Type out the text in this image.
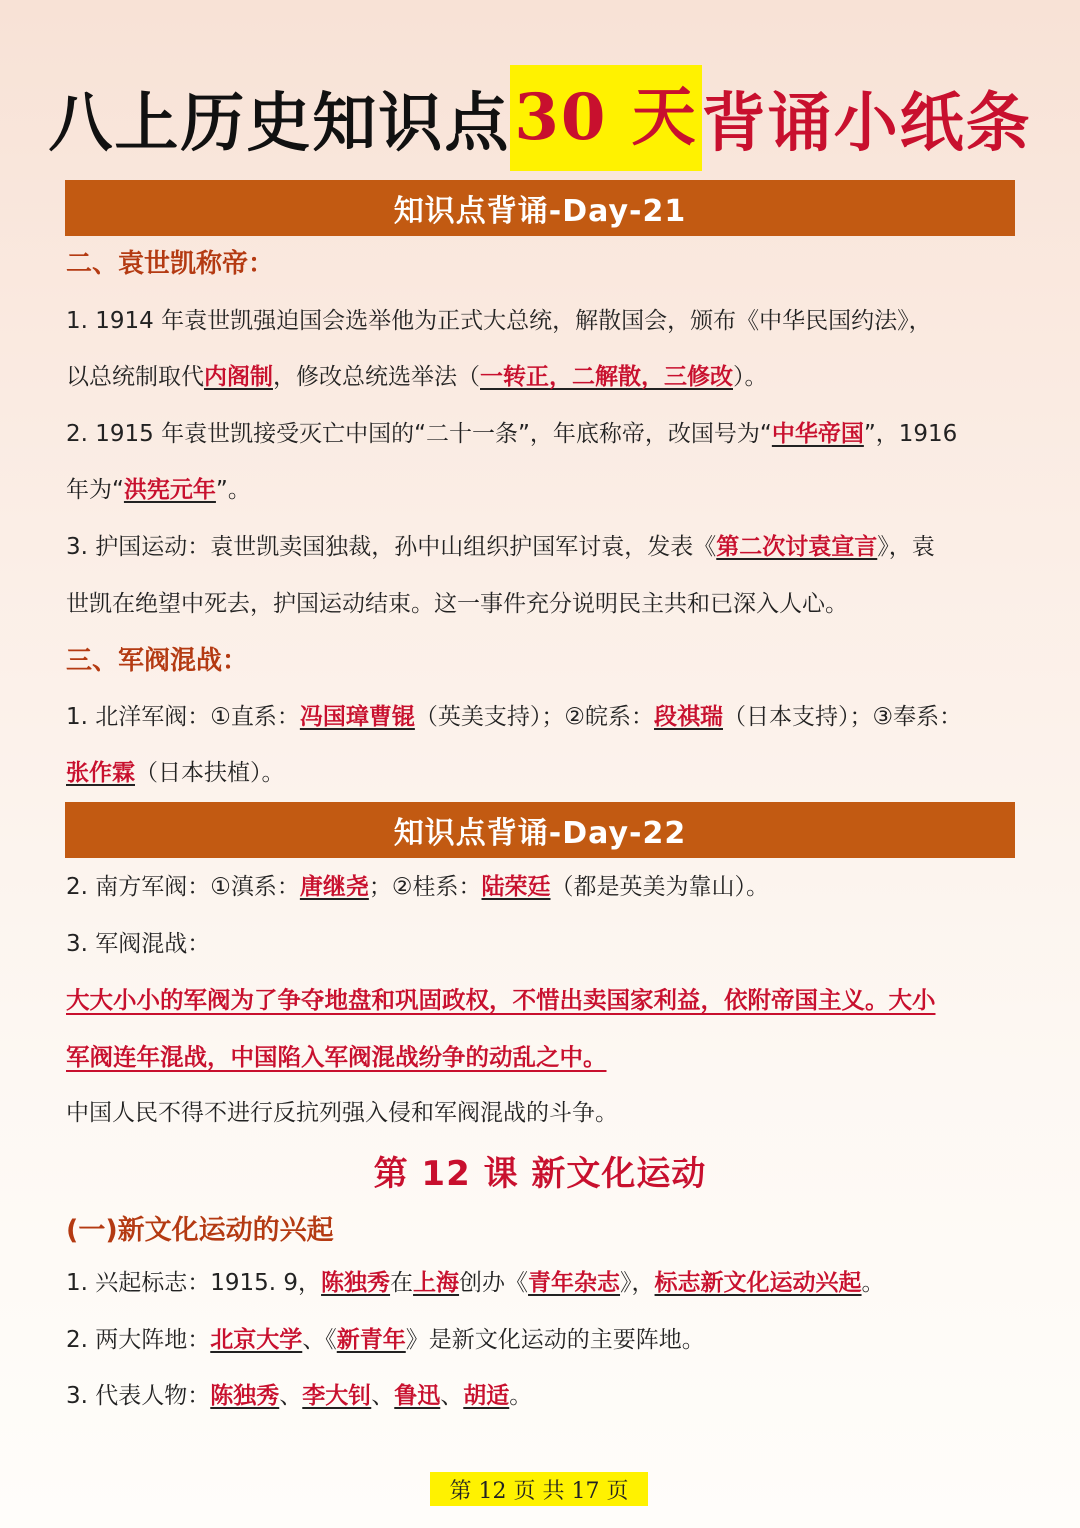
八上历史知识点 30 天 背诵小纸条
知识点背诵-Day-21
二、袁世凯称帝：
1. 1914 年袁世凯强迫国会选举他为正式大总统，解散国会，颁布《中华民国约法》，
以总统制取代内阁制，修改总统选举法（一转正，二解散，三修改）。
2. 1915 年袁世凯接受灭亡中国的“二十一条”，年底称帝，改国号为“中华帝国”，1916
年为“洪宪元年”。
3. 护国运动：袁世凯卖国独裁，孙中山组织护国军讨袁，发表《第二次讨袁宣言》，袁
世凯在绝望中死去，护国运动结束。这一事件充分说明民主共和已深入人心。
三、军阀混战：
1. 北洋军阀：①直系：冯国璋曹锟（英美支持）；②皖系：段祺瑞（日本支持）；③奉系：
张作霖（日本扶植）。
知识点背诵-Day-22
2. 南方军阀：①滇系：唐继尧；②桂系：陆荣廷（都是英美为靠山）。
3. 军阀混战：
大大小小的军阀为了争夺地盘和巩固政权，不惜出卖国家利益，依附帝国主义。大小
军阀连年混战，中国陷入军阀混战纷争的动乱之中。
中国人民不得不进行反抗列强入侵和军阀混战的斗争。
第 12 课 新文化运动
(一)新文化运动的兴起
1. 兴起标志：1915. 9，陈独秀在上海创办《青年杂志》，标志新文化运动兴起。
2. 两大阵地：北京大学、《新青年》是新文化运动的主要阵地。
3. 代表人物：陈独秀、李大钊、鲁迅、胡适。
第 12 页 共 17 页
